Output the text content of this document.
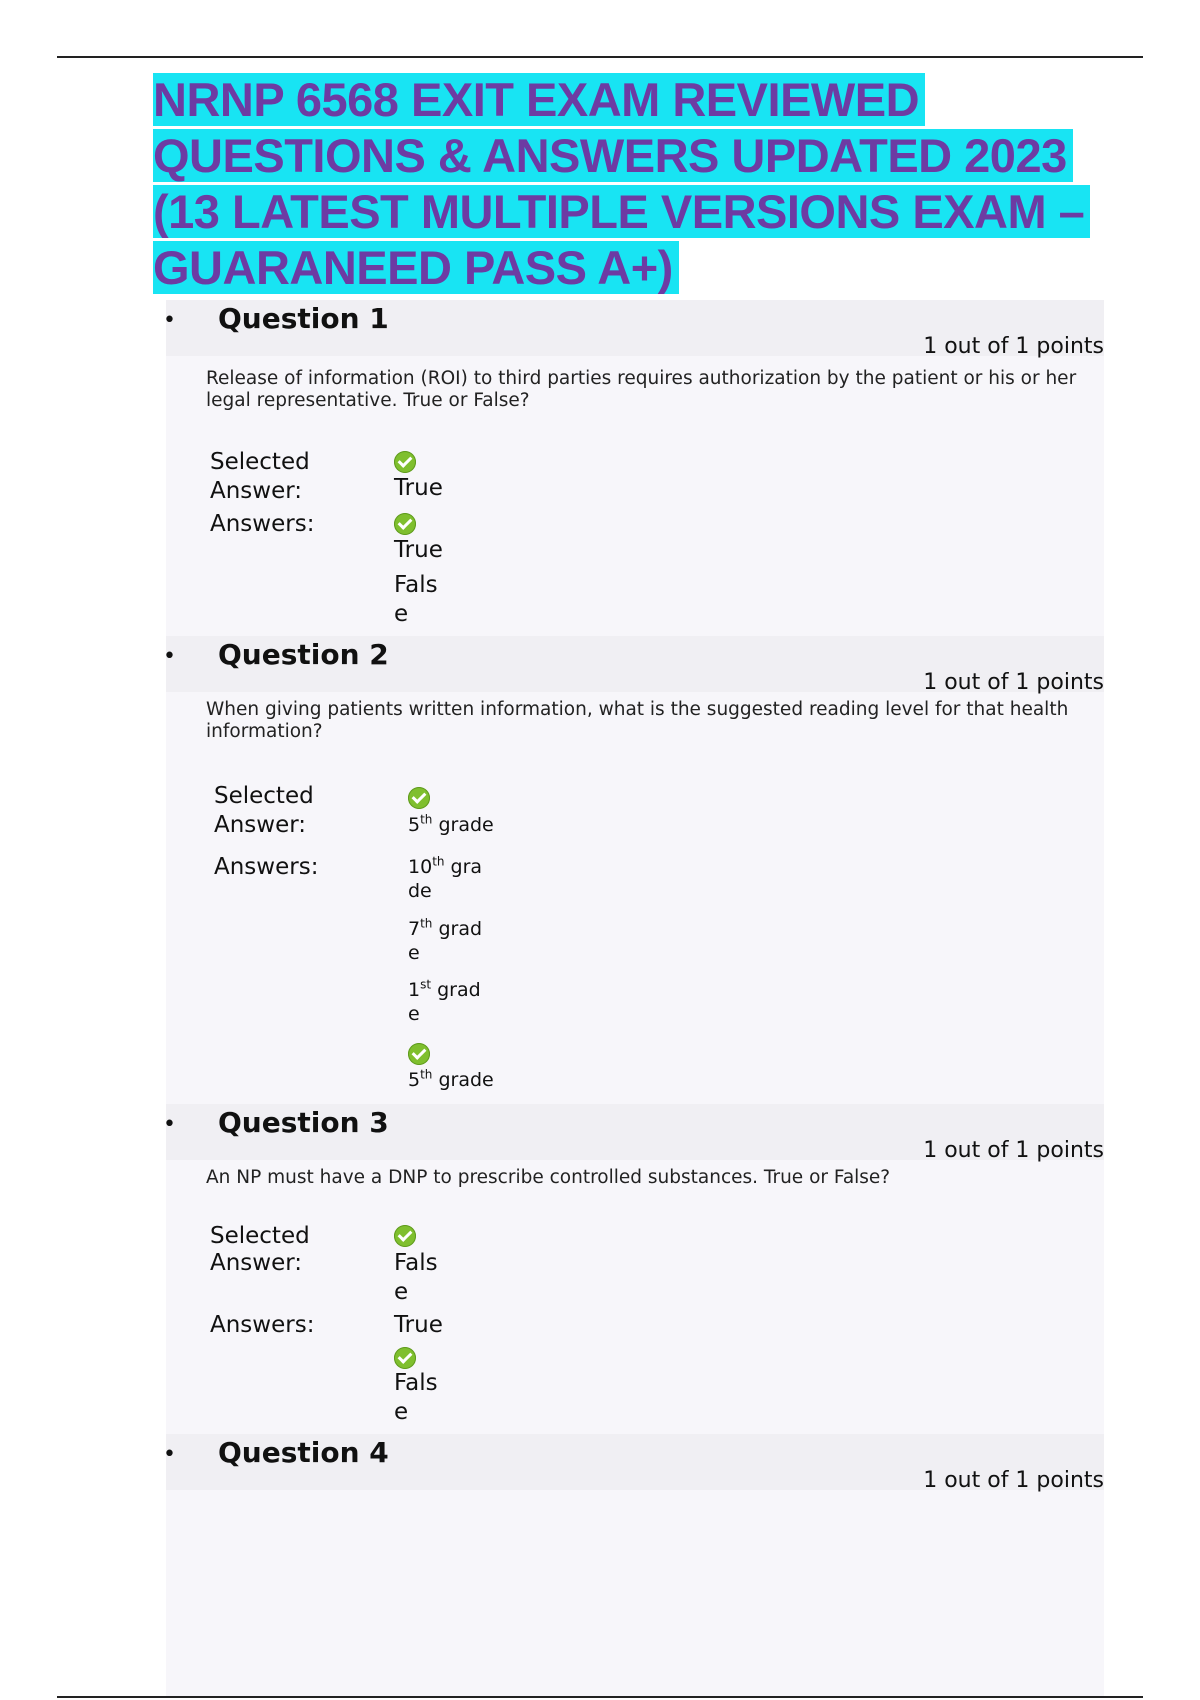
NRNP 6568 EXIT EXAM REVIEWED QUESTIONS & ANSWERS UPDATED 2023 (13 LATEST MULTIPLE VERSIONS EXAM – GUARANEED PASS A+)
• Question 1
1 out of 1 points

Release of information (ROI) to third parties requires authorization by the patient or his or her legal representative. True or False?

Selected
Answer:	True
Answers:
True
Fals e
• Question 2
1 out of 1 points

When giving patients written information, what is the suggested reading level for that health information?

Selected
Answer:	5th grade
Answers:	10th gra de
7th grad e
1st grad e
5th grade
• Question 3
1 out of 1 points

An NP must have a DNP to prescribe controlled substances. True or False?

Selected
Answer:	Fals e
Answers:	True
Fals e
• Question 4
1 out of 1 points
